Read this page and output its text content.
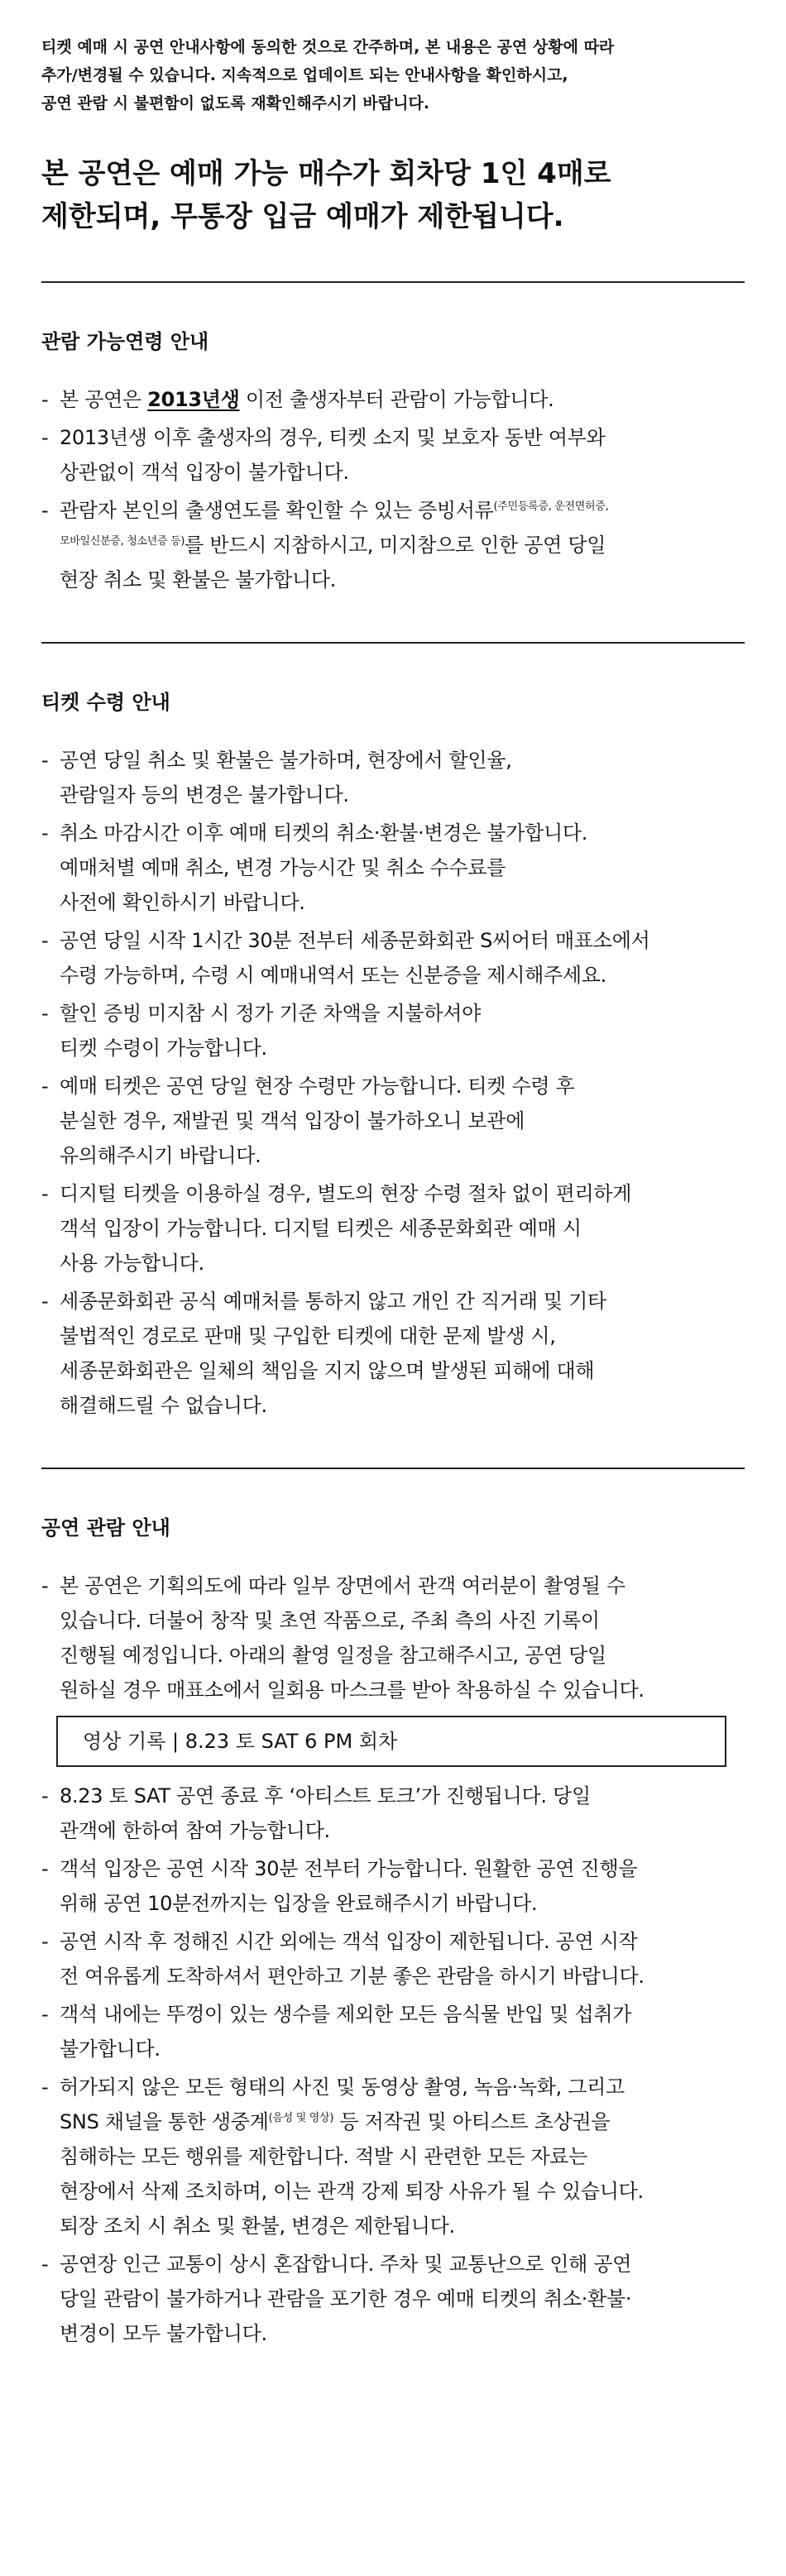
티켓 예매 시 공연 안내사항에 동의한 것으로 간주하며, 본 내용은 공연 상황에 따라
추가/변경될 수 있습니다. 지속적으로 업데이트 되는 안내사항을 확인하시고,
공연 관람 시 불편함이 없도록 재확인해주시기 바랍니다.
본 공연은 예매 가능 매수가 회차당 1인 4매로
제한되며, 무통장 입금 예매가 제한됩니다.
관람 가능연령 안내
- 본 공연은 2013년생 이전 출생자부터 관람이 가능합니다.
- 2013년생 이후 출생자의 경우, 티켓 소지 및 보호자 동반 여부와
상관없이 객석 입장이 불가합니다.
- 관람자 본인의 출생연도를 확인할 수 있는 증빙서류$^{(주민등록증, 운전면허증,}$
$^{모바일신분증, 청소년증 등)}$를 반드시 지참하시고, 미지참으로 인한 공연 당일
현장 취소 및 환불은 불가합니다.
티켓 수령 안내
- 공연 당일 취소 및 환불은 불가하며, 현장에서 할인율,
관람일자 등의 변경은 불가합니다.
- 취소 마감시간 이후 예매 티켓의 취소·환불·변경은 불가합니다.
예매처별 예매 취소, 변경 가능시간 및 취소 수수료를
사전에 확인하시기 바랍니다.
- 공연 당일 시작 1시간 30분 전부터 세종문화회관 S씨어터 매표소에서
수령 가능하며, 수령 시 예매내역서 또는 신분증을 제시해주세요.
- 할인 증빙 미지참 시 정가 기준 차액을 지불하셔야
티켓 수령이 가능합니다.
- 예매 티켓은 공연 당일 현장 수령만 가능합니다. 티켓 수령 후
분실한 경우, 재발권 및 객석 입장이 불가하오니 보관에
유의해주시기 바랍니다.
- 디지털 티켓을 이용하실 경우, 별도의 현장 수령 절차 없이 편리하게
객석 입장이 가능합니다. 디지털 티켓은 세종문화회관 예매 시
사용 가능합니다.
- 세종문화회관 공식 예매처를 통하지 않고 개인 간 직거래 및 기타
불법적인 경로로 판매 및 구입한 티켓에 대한 문제 발생 시,
세종문화회관은 일체의 책임을 지지 않으며 발생된 피해에 대해
해결해드릴 수 없습니다.
공연 관람 안내
- 본 공연은 기획의도에 따라 일부 장면에서 관객 여러분이 촬영될 수
있습니다. 더불어 창작 및 초연 작품으로, 주최 측의 사진 기록이
진행될 예정입니다. 아래의 촬영 일정을 참고해주시고, 공연 당일
원하실 경우 매표소에서 일회용 마스크를 받아 착용하실 수 있습니다.
영상 기록 | 8.23 토 SAT 6 PM 회차
- 8.23 토 SAT 공연 종료 후 ‘아티스트 토크’가 진행됩니다. 당일
관객에 한하여 참여 가능합니다.
- 객석 입장은 공연 시작 30분 전부터 가능합니다. 원활한 공연 진행을
위해 공연 10분전까지는 입장을 완료해주시기 바랍니다.
- 공연 시작 후 정해진 시간 외에는 객석 입장이 제한됩니다. 공연 시작
전 여유롭게 도착하셔서 편안하고 기분 좋은 관람을 하시기 바랍니다.
- 객석 내에는 뚜껑이 있는 생수를 제외한 모든 음식물 반입 및 섭취가
불가합니다.
- 허가되지 않은 모든 형태의 사진 및 동영상 촬영, 녹음·녹화, 그리고
SNS 채널을 통한 생중계$^{(음성 및 영상)}$ 등 저작권 및 아티스트 초상권을
침해하는 모든 행위를 제한합니다. 적발 시 관련한 모든 자료는
현장에서 삭제 조치하며, 이는 관객 강제 퇴장 사유가 될 수 있습니다.
퇴장 조치 시 취소 및 환불, 변경은 제한됩니다.
- 공연장 인근 교통이 상시 혼잡합니다. 주차 및 교통난으로 인해 공연
당일 관람이 불가하거나 관람을 포기한 경우 예매 티켓의 취소·환불·
변경이 모두 불가합니다.
